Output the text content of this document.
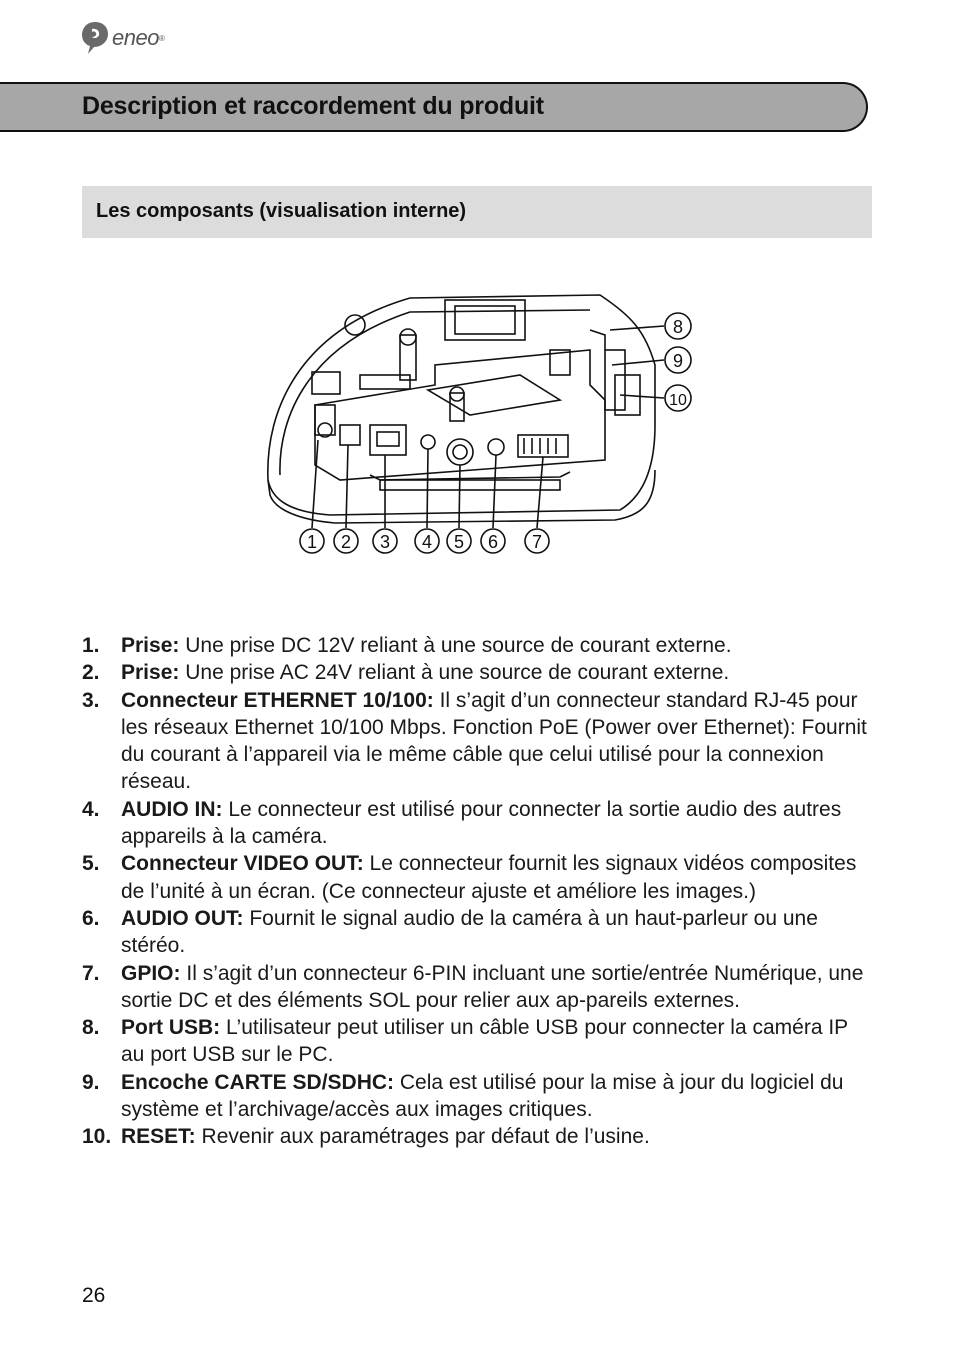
eneo ®
Description et raccordement du produit
Les composants (visualisation interne)
1 2 3 4 5 6 7
8
9
10
1. Prise: Une prise DC 12V reliant à une source de courant externe.
2. Prise: Une prise AC 24V reliant à une source de courant externe.
3. Connecteur ETHERNET 10/100: Il s’agit d’un connecteur standard RJ-45 pour les réseaux Ethernet 10/100 Mbps. Fonction PoE (Power over Ethernet): Fournit du courant à l’appareil via le même câble que celui utilisé pour la connexion réseau.
4. AUDIO IN: Le connecteur est utilisé pour connecter la sortie audio des autres appareils à la caméra.
5. Connecteur VIDEO OUT: Le connecteur fournit les signaux vidéos composites de l’unité à un écran. (Ce connecteur ajuste et améliore les images.)
6. AUDIO OUT: Fournit le signal audio de la caméra à un haut-parleur ou une stéréo.
7. GPIO: Il s’agit d’un connecteur 6-PIN incluant une sortie/entrée Numérique, une sortie DC et des éléments SOL pour relier aux ap-pareils externes.
8. Port USB: L’utilisateur peut utiliser un câble USB pour connecter la caméra IP au port USB sur le PC.
9. Encoche CARTE SD/SDHC: Cela est utilisé pour la mise à jour du logiciel du système et l’archivage/accès aux images critiques.
10. RESET: Revenir aux paramétrages par défaut de l’usine.
26
